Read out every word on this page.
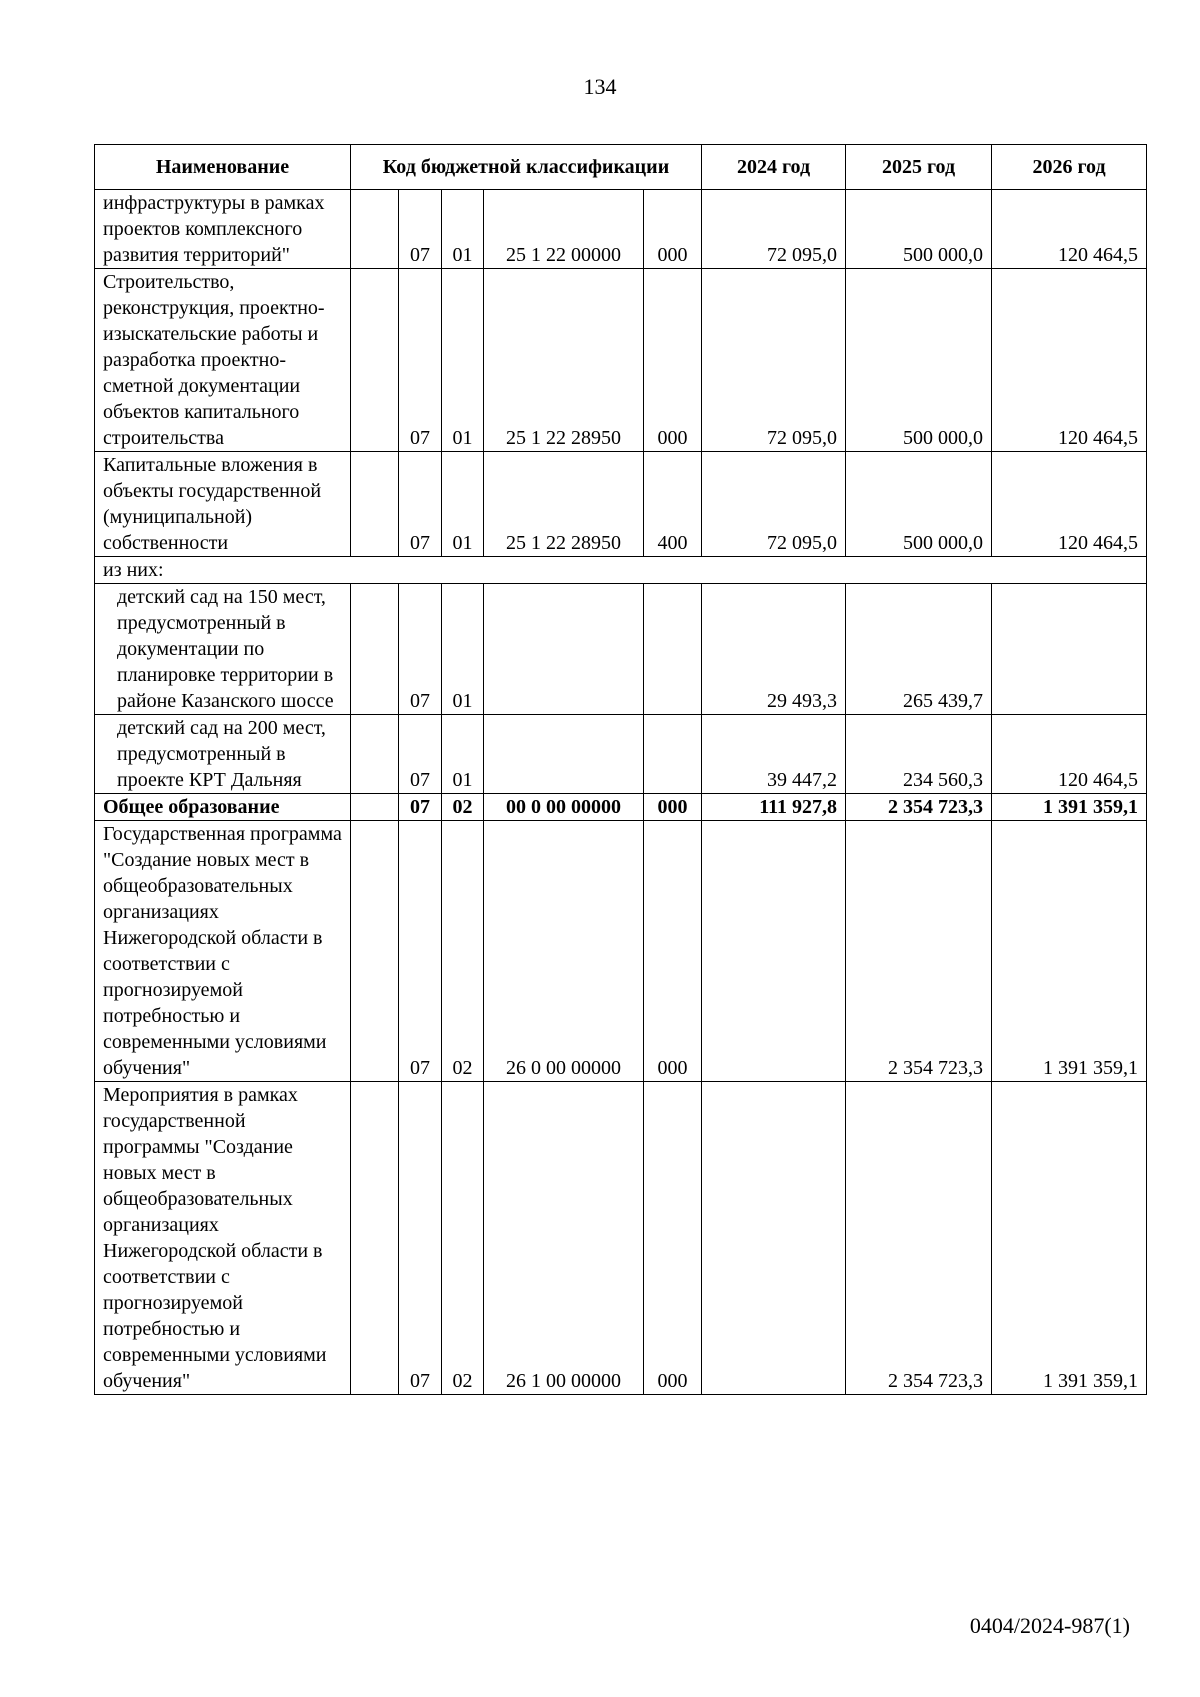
134
Наименование	Код бюджетной классификации					2024 год	2025 год	2026 год
инфраструктуры в рамках проектов комплексного развития территорий"		07	01	25 1 22 00000	000	72 095,0	500 000,0	120 464,5
Строительство, реконструкция, проектно-изыскательские работы и разработка проектно-сметной документации объектов капитального строительства		07	01	25 1 22 28950	000	72 095,0	500 000,0	120 464,5
Капитальные вложения в объекты государственной (муниципальной) собственности		07	01	25 1 22 28950	400	72 095,0	500 000,0	120 464,5
из них:								
детский сад на 150 мест, предусмотренный в документации по планировке территории в районе Казанского шоссе		07	01			29 493,3	265 439,7	
детский сад на 200 мест, предусмотренный в проекте КРТ Дальняя		07	01			39 447,2	234 560,3	120 464,5
Общее образование		07	02	00 0 00 00000	000	111 927,8	2 354 723,3	1 391 359,1
Государственная программа "Создание новых мест в общеобразовательных организациях Нижегородской области в соответствии с прогнозируемой потребностью и современными условиями обучения"		07	02	26 0 00 00000	000		2 354 723,3	1 391 359,1
Мероприятия в рамках государственной программы "Создание новых мест в общеобразовательных организациях Нижегородской области в соответствии с прогнозируемой потребностью и современными условиями обучения"		07	02	26 1 00 00000	000		2 354 723,3	1 391 359,1
0404/2024-987(1)
